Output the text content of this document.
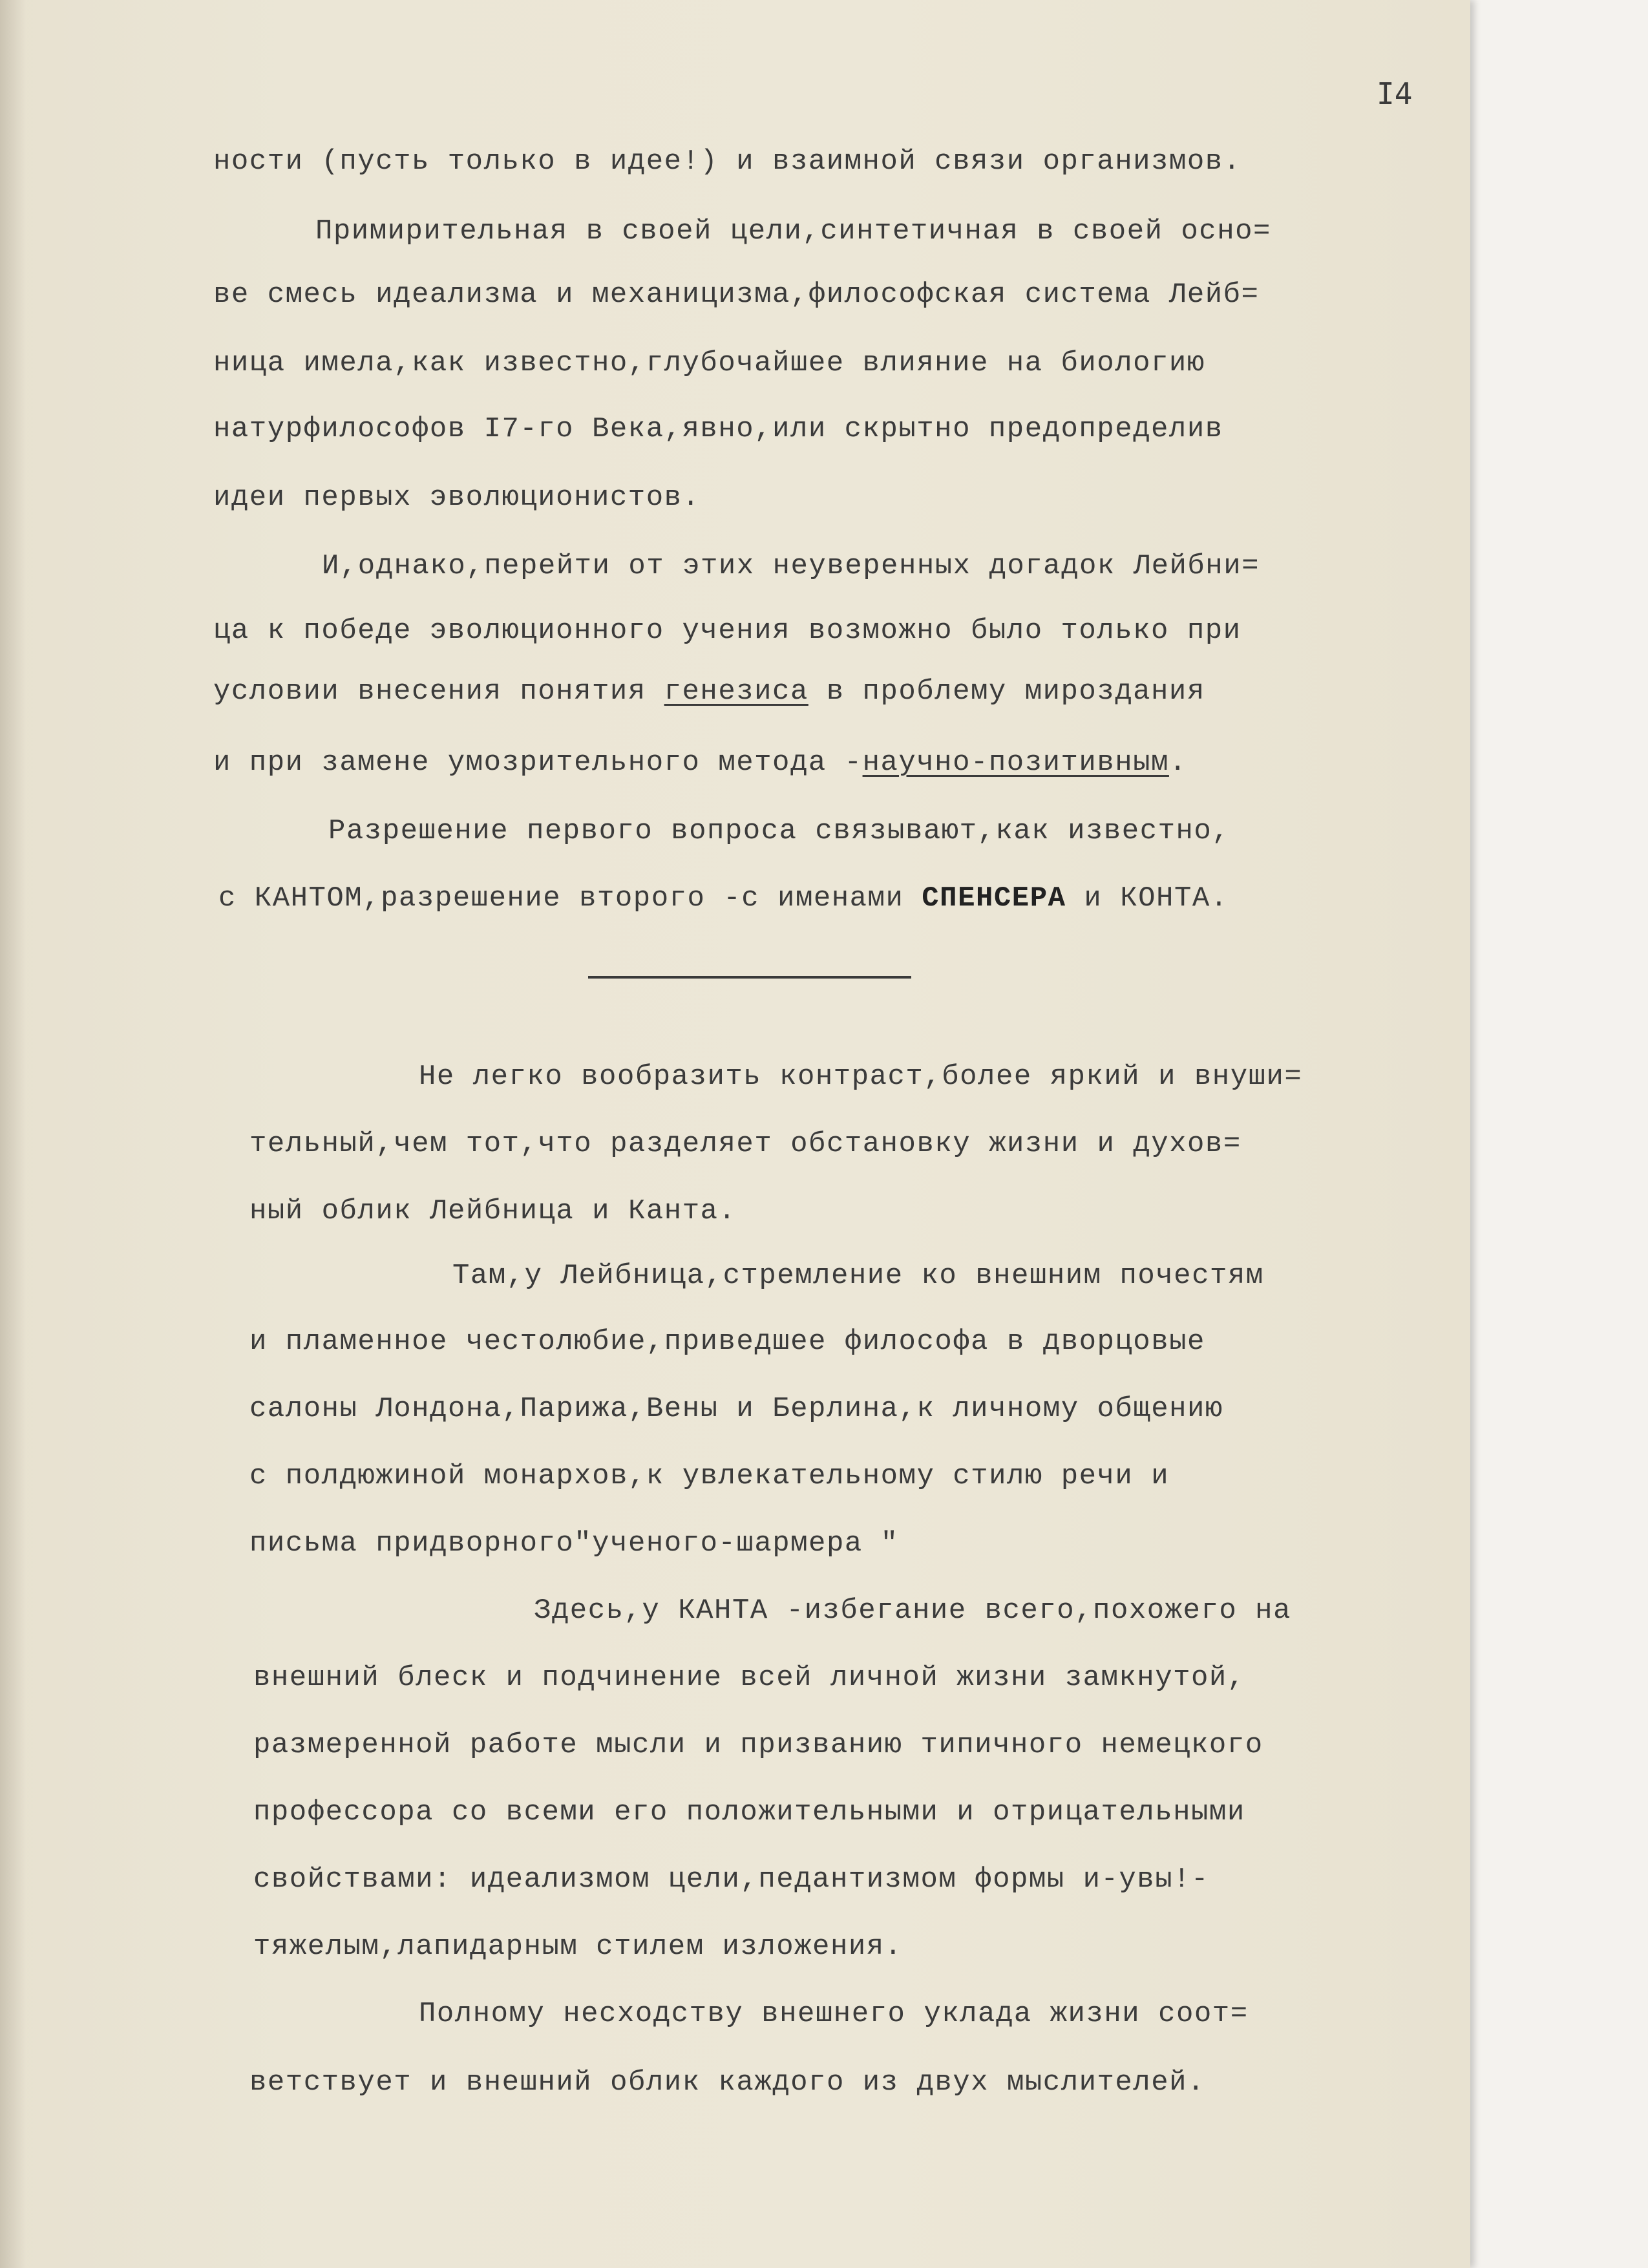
I4
ности (пусть только в идее!) и взаимной связи организмов.
Примирительная в своей цели,синтетичная в своей осно=
ве смесь идеализма и механицизма,философская система Лейб=
ница имела,как известно,глубочайшее влияние на биологию
натурфилософов I7-го Века,явно,или скрытно предопределив
идеи первых эволюционистов.
И,однако,перейти от этих неуверенных догадок Лейбни=
ца к победе эволюционного учения возможно было только при
условии внесения понятия генезиса в проблему мироздания
и при замене умозрительного метода -научно-позитивным.
Разрешение первого вопроса связывают,как известно,
с КАНТОМ,разрешение второго -с именами СПЕНСЕРА и КОНТА.
Не легко вообразить контраст,более яркий и внуши=
тельный,чем тот,что разделяет обстановку жизни и духов=
ный облик Лейбница и Канта.
Там,у Лейбница,стремление ко внешним почестям
и пламенное честолюбие,приведшее философа в дворцовые
салоны Лондона,Парижа,Вены и Берлина,к личному общению
с полдюжиной монархов,к увлекательному стилю речи и
письма придворного"ученого-шармера "
Здесь,у КАНТА -избегание всего,похожего на
внешний блеск и подчинение всей личной жизни замкнутой,
размеренной работе мысли и призванию типичного немецкого
профессора со всеми его положительными и отрицательными
свойствами: идеализмом цели,педантизмом формы и-увы!-
тяжелым,лапидарным стилем изложения.
Полному несходству внешнего уклада жизни соот=
ветствует и внешний облик каждого из двух мыслителей.
